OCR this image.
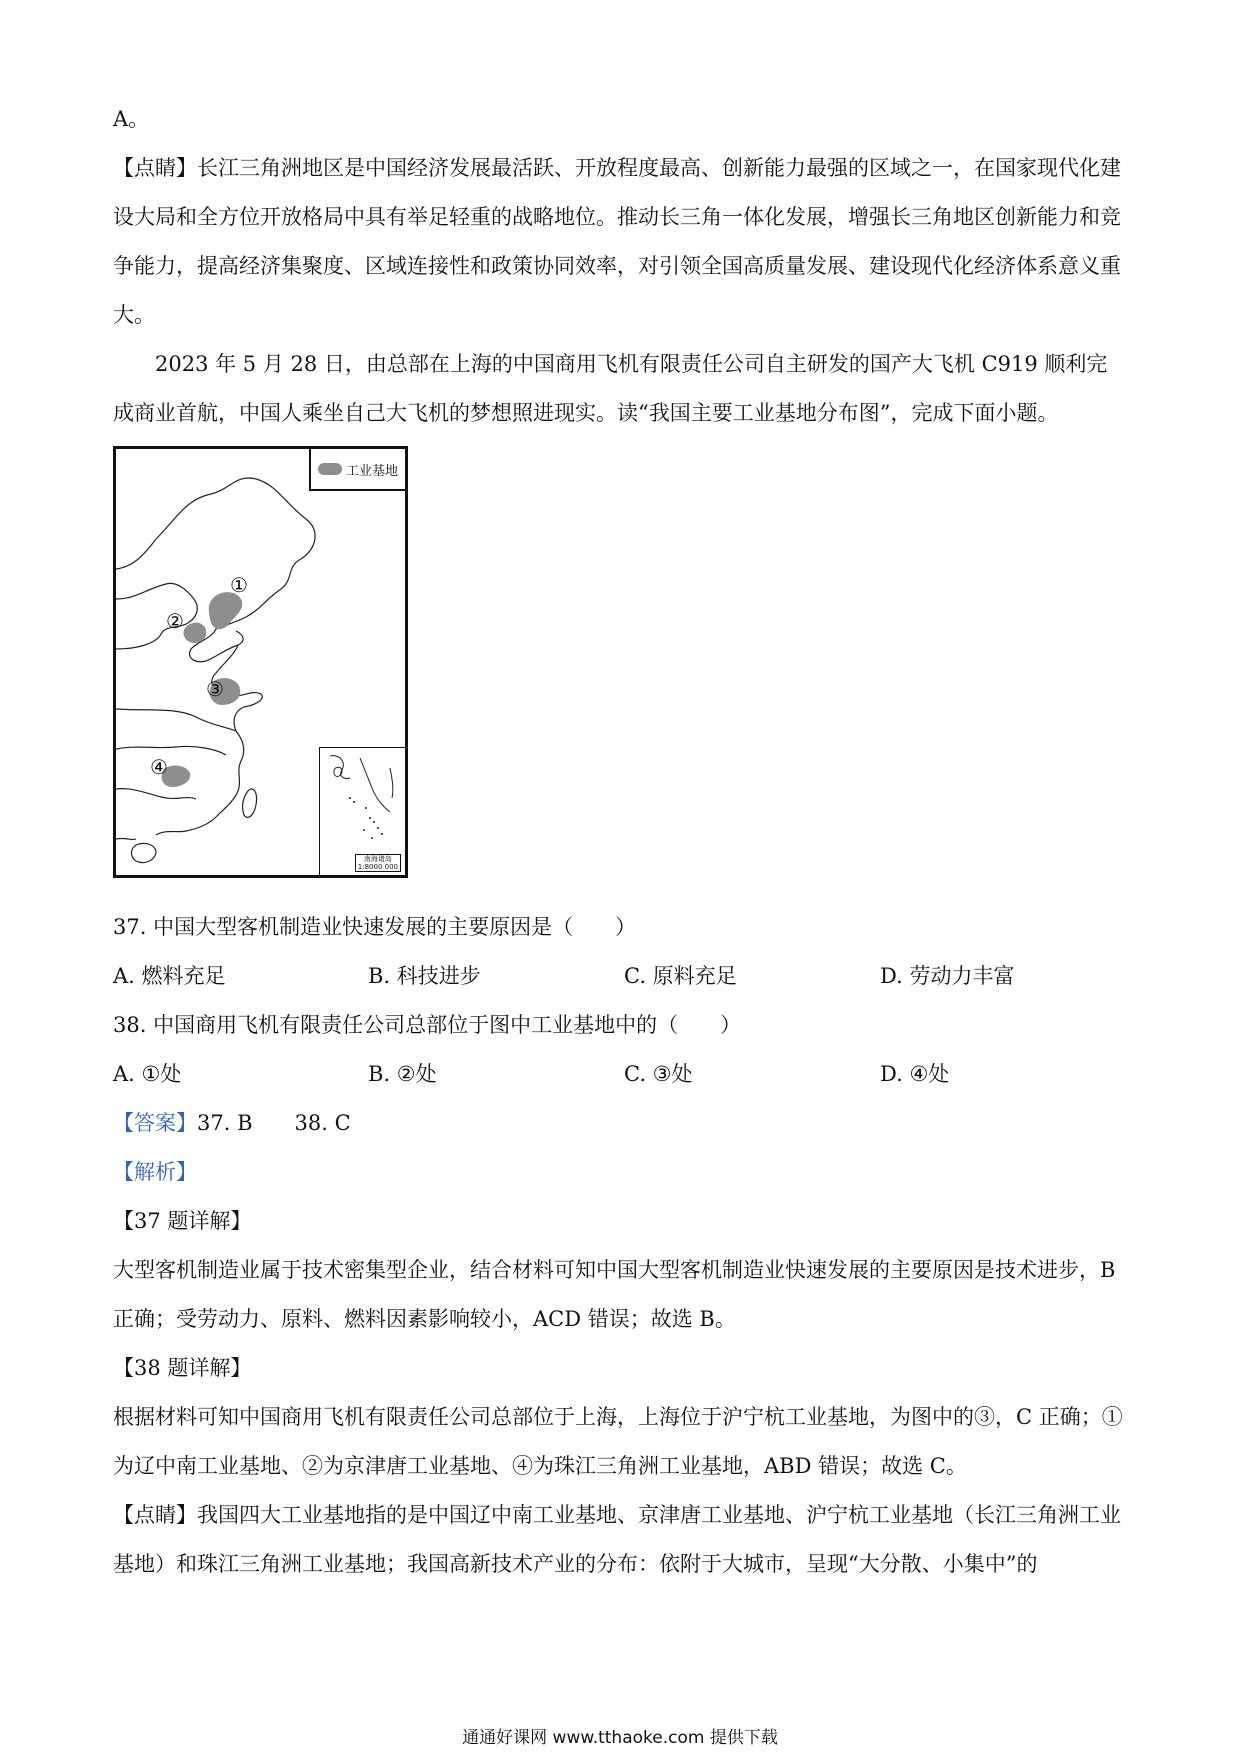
A。

【点睛】长江三角洲地区是中国经济发展最活跃、开放程度最高、创新能力最强的区域之一，在国家现代化建设大局和全方位开放格局中具有举足轻重的战略地位。推动长三角一体化发展，增强长三角地区创新能力和竞争能力，提高经济集聚度、区域连接性和政策协同效率，对引领全国高质量发展、建设现代化经济体系意义重大。

2023 年 5 月 28 日，由总部在上海的中国商用飞机有限责任公司自主研发的国产大飞机 C919 顺利完成商业首航，中国人乘坐自己大飞机的梦想照进现实。读“我国主要工业基地分布图”，完成下面小题。

①
②
③
④
工业基地
南海诸岛
1:8000 000

37. 中国大型客机制造业快速发展的主要原因是（　　）

A. 燃料充足	B. 科技进步	C. 原料充足	D. 劳动力丰富

38. 中国商用飞机有限责任公司总部位于图中工业基地中的（　　）

A. ①处	B. ②处	C. ③处	D. ④处

【答案】37. B 38. C

【解析】

【37 题详解】

大型客机制造业属于技术密集型企业，结合材料可知中国大型客机制造业快速发展的主要原因是技术进步，B 正确；受劳动力、原料、燃料因素影响较小，ACD 错误；故选 B。

【38 题详解】

根据材料可知中国商用飞机有限责任公司总部位于上海，上海位于沪宁杭工业基地，为图中的③，C 正确；①为辽中南工业基地、②为京津唐工业基地、④为珠江三角洲工业基地，ABD 错误；故选 C。

【点睛】我国四大工业基地指的是中国辽中南工业基地、京津唐工业基地、沪宁杭工业基地（长江三角洲工业基地）和珠江三角洲工业基地；我国高新技术产业的分布：依附于大城市，呈现“大分散、小集中”的

通通好课网 www.tthaoke.com 提供下载
